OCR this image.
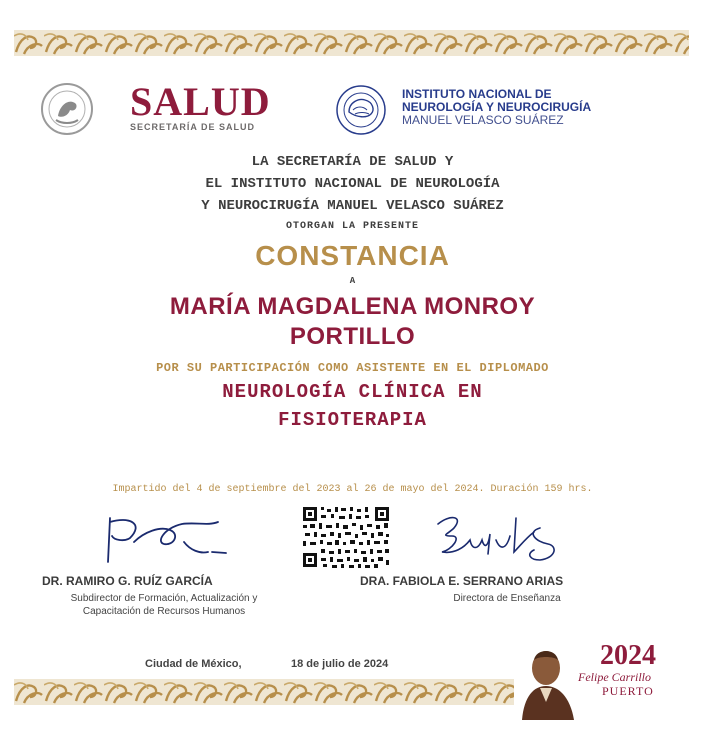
SALUD
SECRETARÍA DE SALUD
INSTITUTO NACIONAL DE
NEUROLOGÍA Y NEUROCIRUGÍA
MANUEL VELASCO SUÁREZ
LA SECRETARÍA DE SALUD Y
EL INSTITUTO NACIONAL DE NEUROLOGÍA
Y NEUROCIRUGÍA MANUEL VELASCO SUÁREZ
OTORGAN LA PRESENTE
CONSTANCIA
A
MARÍA MAGDALENA MONROY
PORTILLO
POR SU PARTICIPACIÓN COMO ASISTENTE EN EL DIPLOMADO
NEUROLOGÍA CLÍNICA EN
FISIOTERAPIA
Impartido del 4 de septiembre del 2023 al 26 de mayo del 2024. Duración 159 hrs.
DR. RAMIRO G. RUÍZ GARCÍA
Subdirector de Formación, Actualización y
Capacitación de Recursos Humanos
DRA. FABIOLA E. SERRANO ARIAS
Directora de Enseñanza
Ciudad de México,	18 de julio de 2024	2024
Felipe Carrillo
PUERTO
